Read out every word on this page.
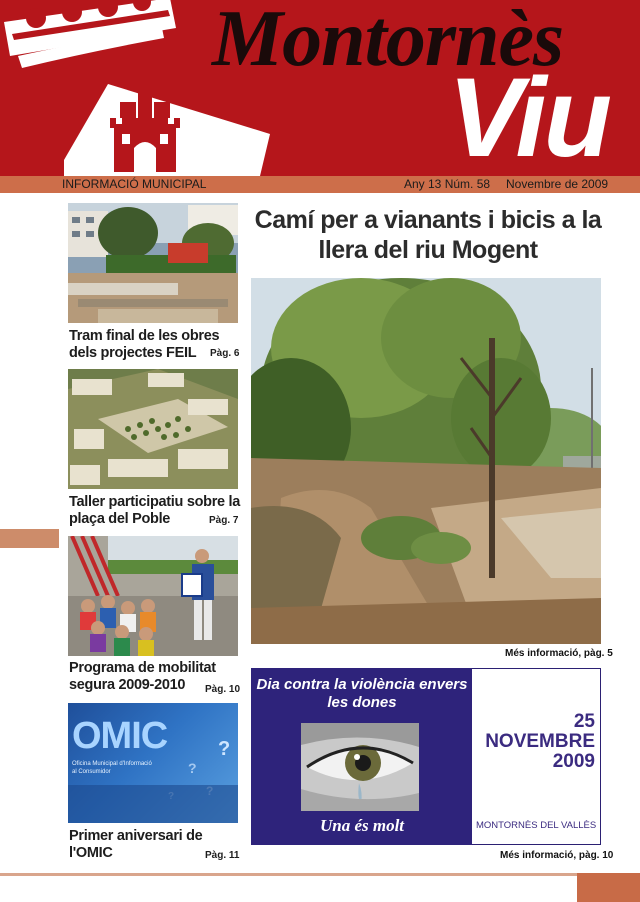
Montornès
Viu
INFORMACIÓ MUNICIPAL	Any 13 Núm. 58 Novembre de 2009
Tram final de les obres dels projectes FEIL	Pàg. 6
Taller participatiu sobre la plaça del Poble	Pàg. 7
Programa de mobilitat segura 2009-2010	Pàg. 10
OMIC
Oficina Municipal d'Informació
al Consumidor
?
?
Primer aniversari de l'OMIC	Pàg. 11
Camí per a vianants i bicis a la llera del riu Mogent
Més informació, pàg. 5
Dia contra la violència envers les dones
Una és molt
25
NOVEMBRE
2009
MONTORNÈS DEL VALLÈS
Més informació, pàg. 10
